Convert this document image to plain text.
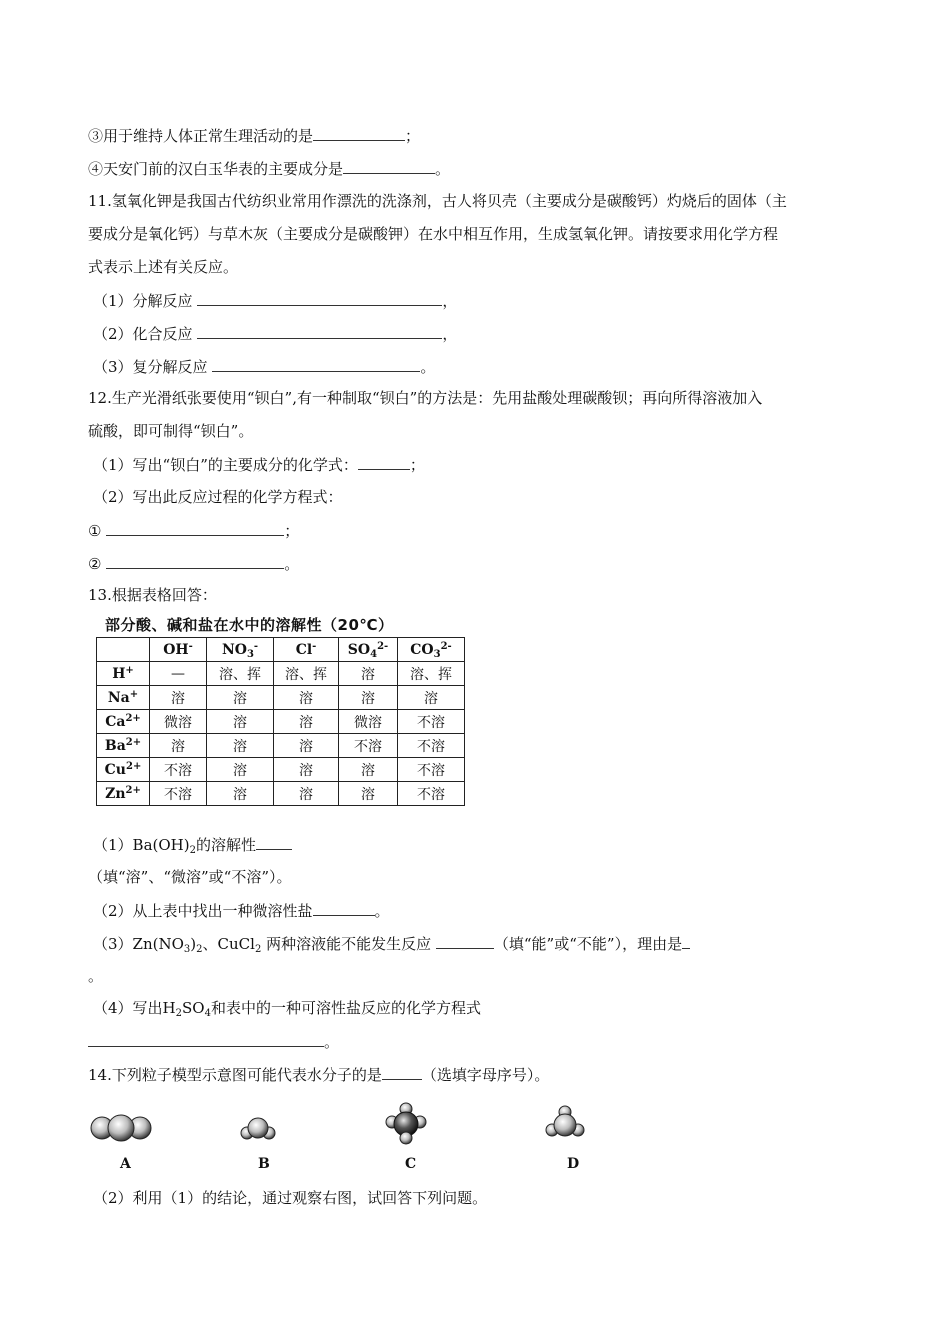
③用于维持人体正常生理活动的是	；
④天安门前的汉白玉华表的主要成分是	。
11.氢氧化钾是我国古代纺织业常用作漂洗的洗涤剂，古人将贝壳（主要成分是碳酸钙）灼烧后的固体（主
要成分是氧化钙）与草木灰（主要成分是碳酸钾）在水中相互作用，生成氢氧化钾。请按要求用化学方程
式表示上述有关反应。
（1）分解反应	，
（2）化合反应	，
（3）复分解反应	。
12.生产光滑纸张要使用“钡白”,有一种制取“钡白”的方法是：先用盐酸处理碳酸钡；再向所得溶液加入
硫酸，即可制得“钡白”。
（1）写出“钡白”的主要成分的化学式：	；
（2）写出此反应过程的化学方程式：
①	；
②	。
13.根据表格回答：
部分酸、碱和盐在水中的溶解性（20℃）
	OH-	$NO_3^-$	Cl-	$SO_4^{2-}$	$CO_3^{2-}$
H+	—	溶、挥	溶、挥	溶	溶、挥
Na+	溶	溶	溶	溶	溶
$Ca^{2+}$	微溶	溶	溶	微溶	不溶
$Ba^{2+}$	溶	溶	溶	不溶	不溶
$Cu^{2+}$	不溶	溶	溶	溶	不溶
$Zn^{2+}$	不溶	溶	溶	溶	不溶
$(1)Ba(OH)_2$的溶解性
（填“溶”、“微溶”或“不溶”）。
（2）从上表中找出一种微溶性盐	。
$(3)Zn(NO_3)_2$、CuCl$_2$ 两种溶液能不能发生反应	（填“能”或“不能”），理由是
。
（4）写出$H_2SO_4$和表中的一种可溶性盐反应的化学方程式
。
14.下列粒子模型示意图可能代表水分子的是	（选填字母序号）。
A	B	C	D
（2）利用（1）的结论，通过观察右图，试回答下列问题。
